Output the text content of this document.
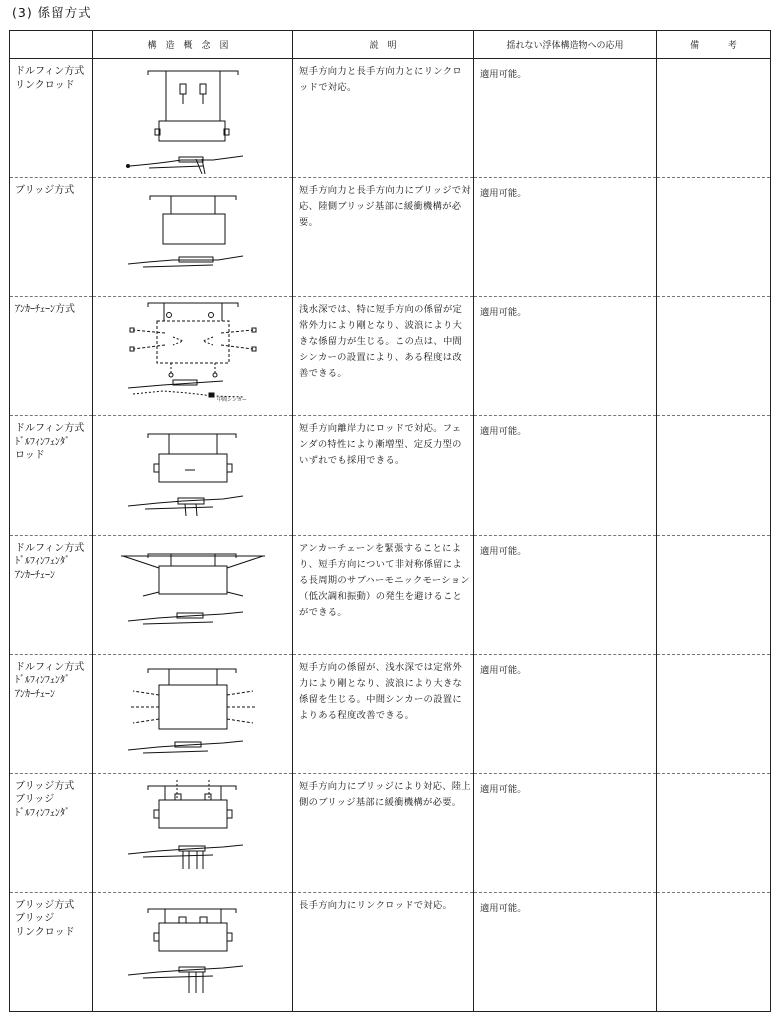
(3) 係留方式
	構造概念図	説　明	揺れない浮体構造物への応用	備 考

ドルフィン方式
リンクロッド		短手方向力と長手方向力とにリンクロッドで対応。	適用可能。	

ブリッジ方式		短手方向力と長手方向力にブリッジで対応、陸側ブリッジ基部に緩衝機構が必要。	適用可能。	

ｱﾝｶｰﾁｪｰﾝ方式	中間シンカー	浅水深では、特に短手方向の係留が定常外力により剛となり、波浪により大きな係留力が生じる。この点は、中間シンカーの設置により、ある程度は改善できる。	適用可能。	

ドルフィン方式
ﾄﾞﾙﾌｨﾝﾌｪﾝﾀﾞ
ロッド		短手方向離岸力にロッドで対応。フェンダの特性により漸増型、定反力型のいずれでも採用できる。	適用可能。	

ドルフィン方式
ﾄﾞﾙﾌｨﾝﾌｪﾝﾀﾞ
ｱﾝｶｰﾁｪｰﾝ		アンカーチェーンを緊張することにより、短手方向について非対称係留による長周期のサブハーモニックモーション（低次調和振動）の発生を避けることができる。	適用可能。	

ドルフィン方式
ﾄﾞﾙﾌｨﾝﾌｪﾝﾀﾞ
ｱﾝｶｰﾁｪｰﾝ		短手方向の係留が、浅水深では定常外力により剛となり、波浪により大きな係留を生じる。中間シンカーの設置によりある程度改善できる。	適用可能。	

ブリッジ方式
ブリッジ
ﾄﾞﾙﾌｨﾝﾌｪﾝﾀﾞ		短手方向力にブリッジにより対応、陸上側のブリッジ基部に緩衝機構が必要。	適用可能。	

ブリッジ方式
ブリッジ
リンクロッド		長手方向力にリンクロッドで対応。	適用可能。	
